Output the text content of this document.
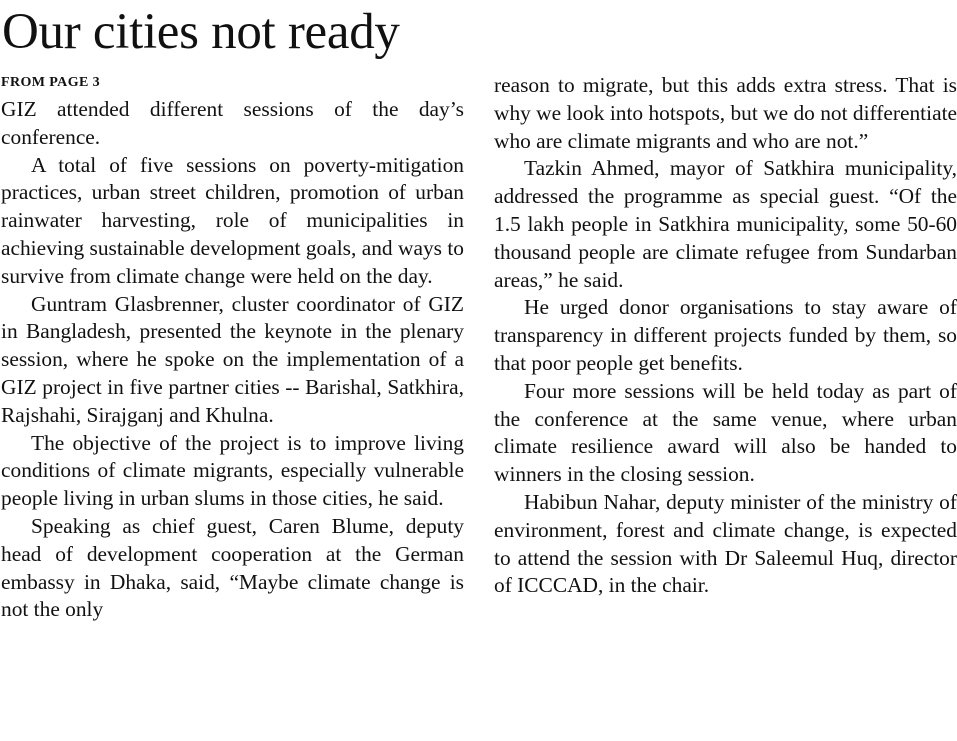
Our cities not ready
FROM PAGE 3

GIZ attended different sessions of the day’s conference.

A total of five sessions on poverty-mitigation practices, urban street children, promotion of urban rainwater harvesting, role of municipalities in achieving sustainable development goals, and ways to survive from climate change were held on the day.

Guntram Glasbrenner, cluster coordinator of GIZ in Bangladesh, presented the keynote in the plenary session, where he spoke on the implementation of a GIZ project in five partner cities -- Barishal, Satkhira, Rajshahi, Sirajganj and Khulna.

The objective of the project is to improve living conditions of climate migrants, especially vulnerable people living in urban slums in those cities, he said.

Speaking as chief guest, Caren Blume, deputy head of development cooperation at the German embassy in Dhaka, said, “Maybe climate change is not the only

reason to migrate, but this adds extra stress. That is why we look into hotspots, but we do not differentiate who are climate migrants and who are not.”

Tazkin Ahmed, mayor of Satkhira municipality, addressed the programme as special guest. “Of the 1.5 lakh people in Satkhira municipality, some 50-60 thousand people are climate refugee from Sundarban areas,” he said.

He urged donor organisations to stay aware of transparency in different projects funded by them, so that poor people get benefits.

Four more sessions will be held today as part of the conference at the same venue, where urban climate resilience award will also be handed to winners in the closing session.

Habibun Nahar, deputy minister of the ministry of environment, forest and climate change, is expected to attend the session with Dr Saleemul Huq, director of ICCCAD, in the chair.
